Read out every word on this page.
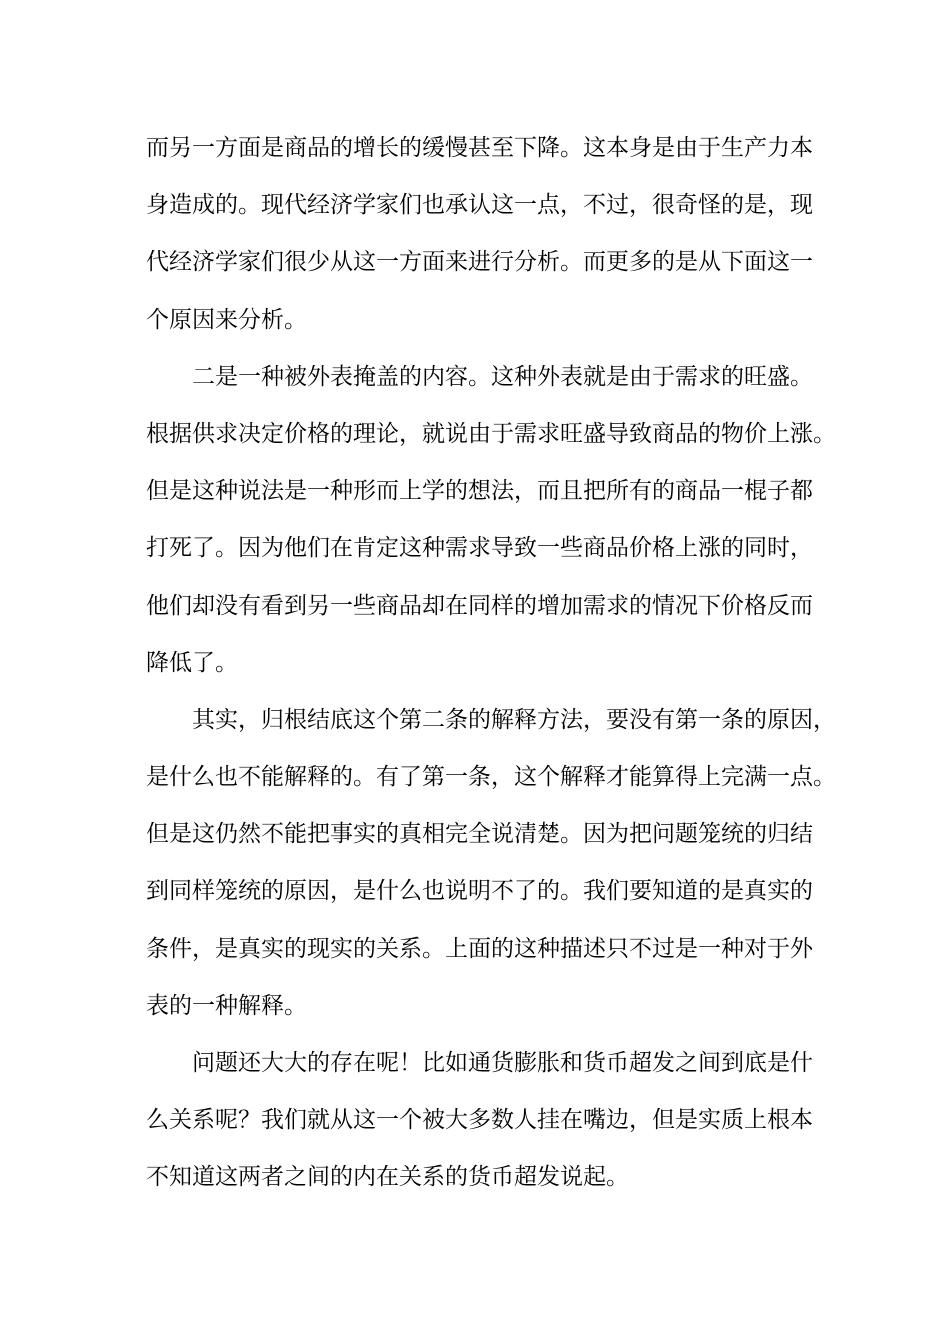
而另一方面是商品的增长的缓慢甚至下降。这本身是由于生产力本
身造成的。现代经济学家们也承认这一点，不过，很奇怪的是，现
代经济学家们很少从这一方面来进行分析。而更多的是从下面这一
个原因来分析。
二是一种被外表掩盖的内容。这种外表就是由于需求的旺盛。
根据供求决定价格的理论，就说由于需求旺盛导致商品的物价上涨。
但是这种说法是一种形而上学的想法，而且把所有的商品一棍子都
打死了。因为他们在肯定这种需求导致一些商品价格上涨的同时，
他们却没有看到另一些商品却在同样的增加需求的情况下价格反而
降低了。
其实，归根结底这个第二条的解释方法，要没有第一条的原因，
是什么也不能解释的。有了第一条，这个解释才能算得上完满一点。
但是这仍然不能把事实的真相完全说清楚。因为把问题笼统的归结
到同样笼统的原因，是什么也说明不了的。我们要知道的是真实的
条件，是真实的现实的关系。上面的这种描述只不过是一种对于外
表的一种解释。
问题还大大的存在呢！比如通货膨胀和货币超发之间到底是什
么关系呢？我们就从这一个被大多数人挂在嘴边，但是实质上根本
不知道这两者之间的内在关系的货币超发说起。
